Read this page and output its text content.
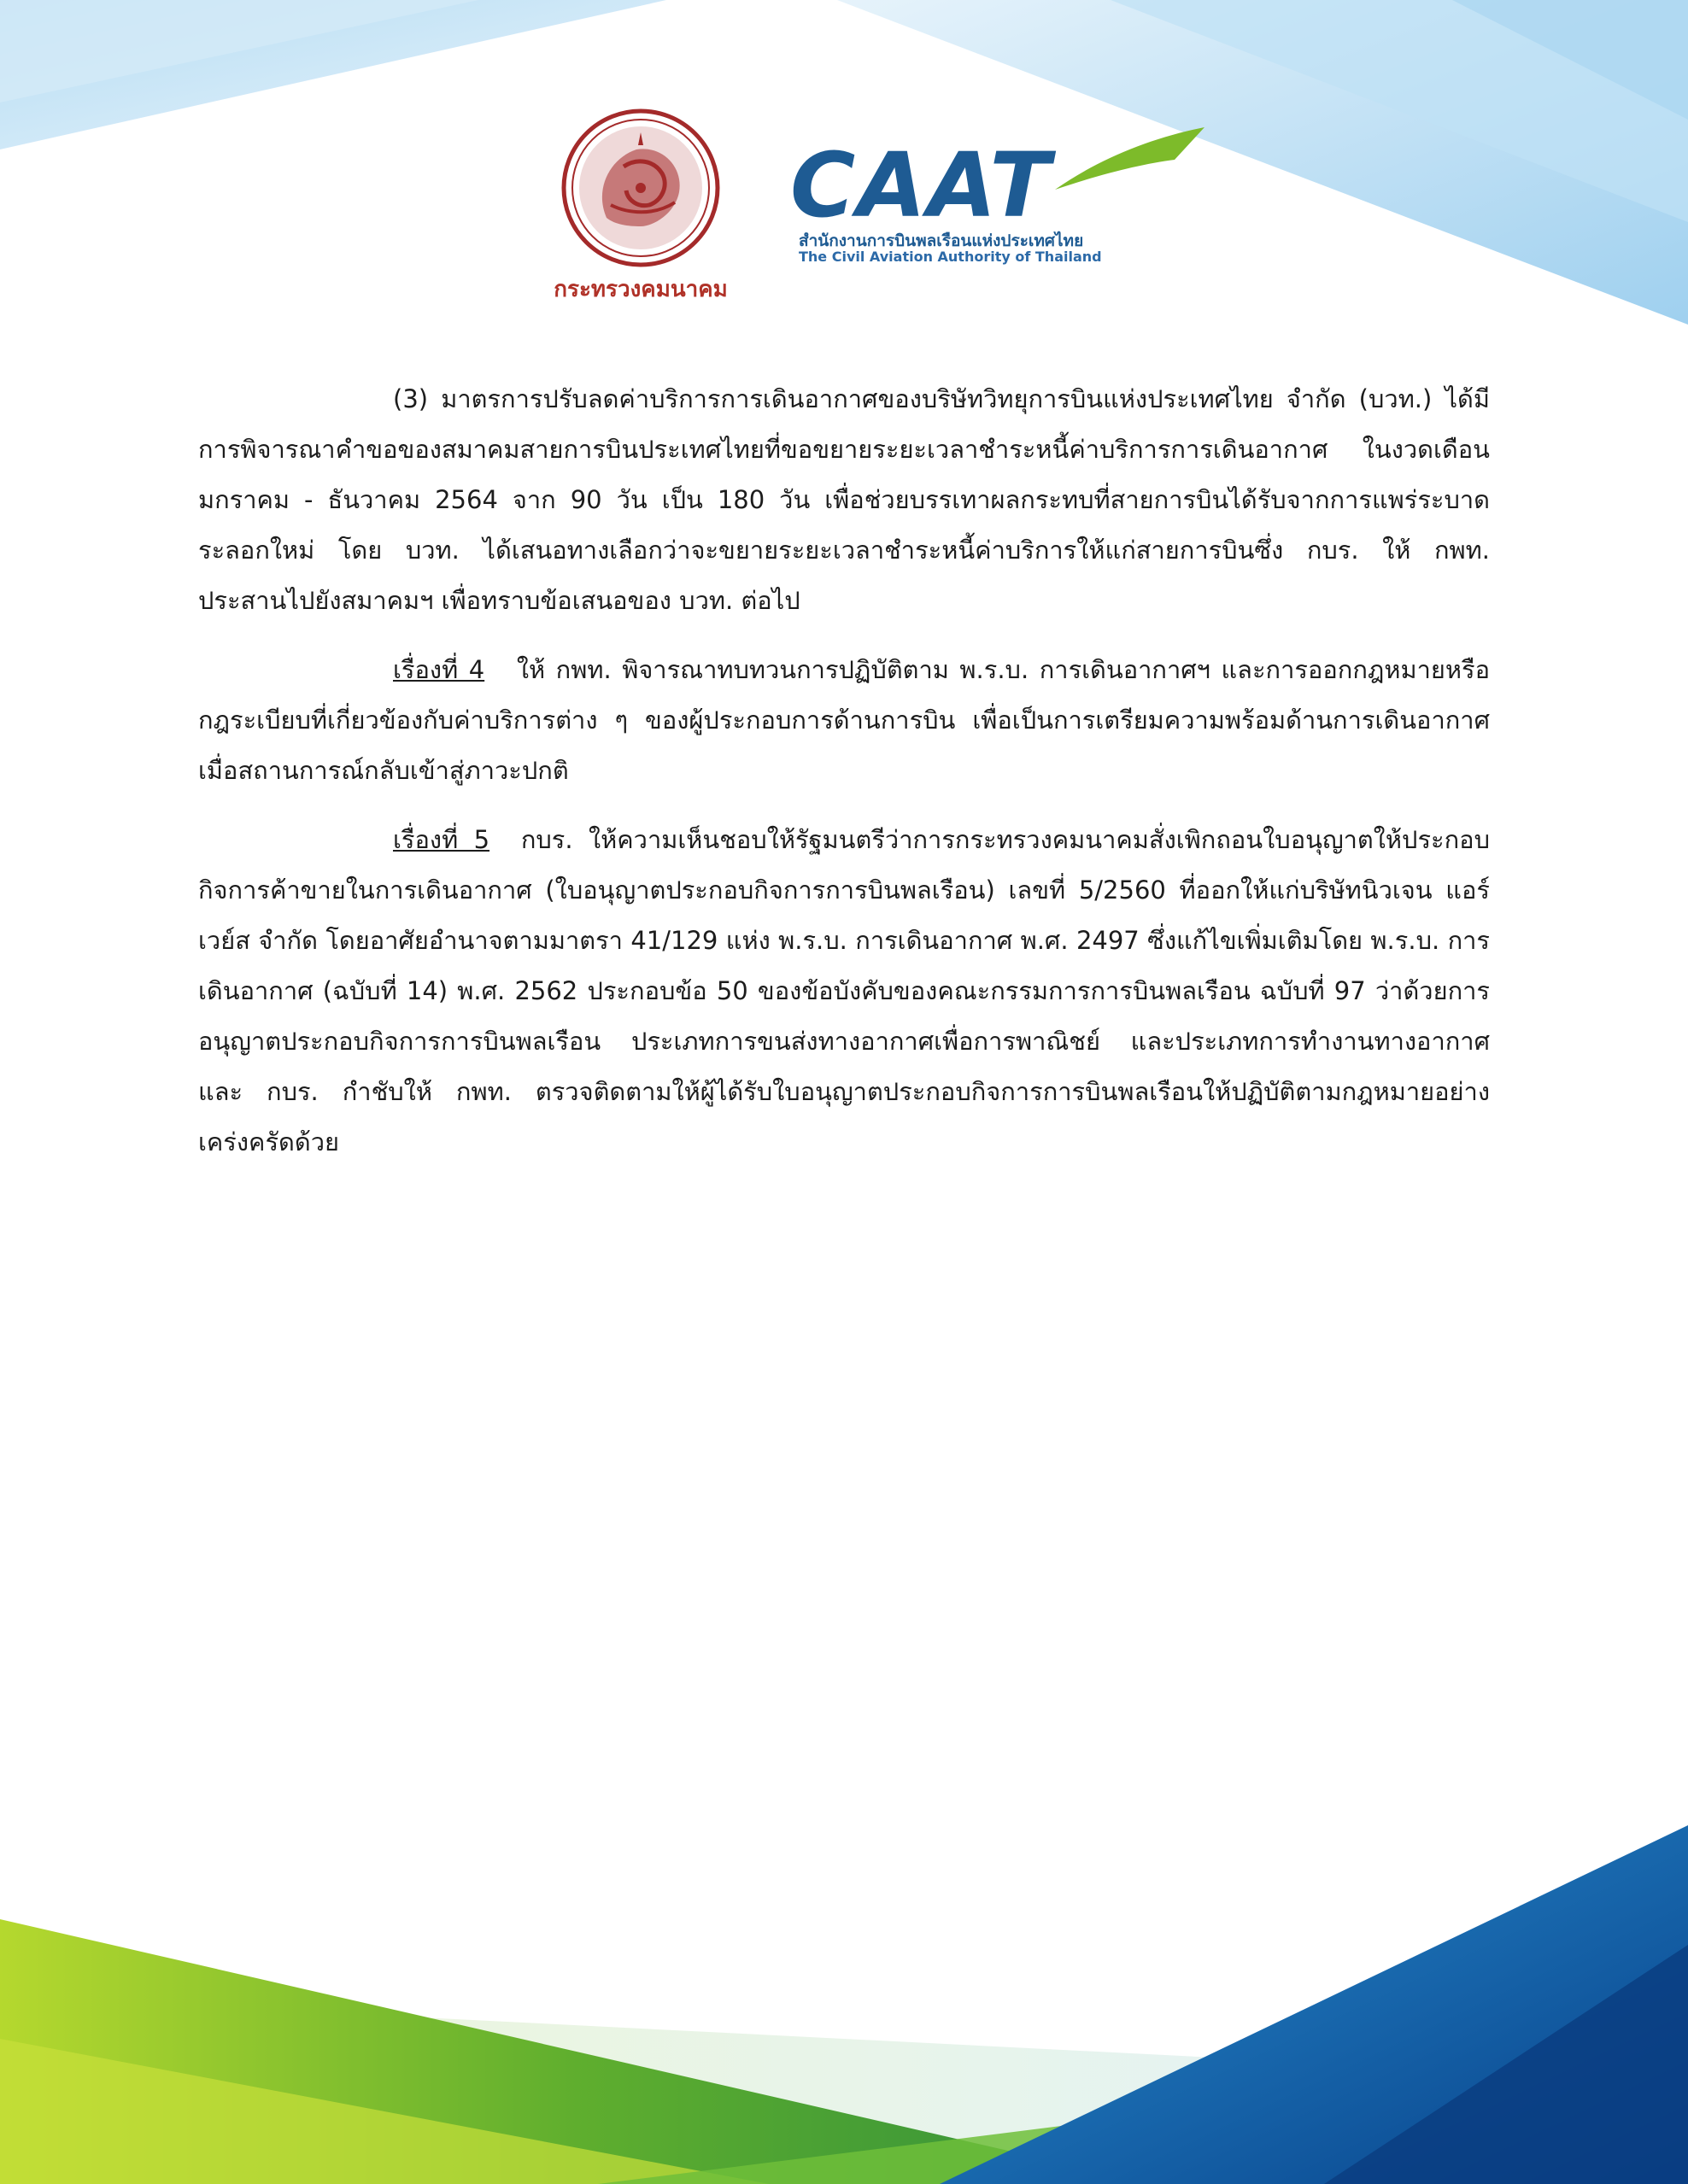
กระทรวงคมนาคม
CAAT
สำนักงานการบินพลเรือนแห่งประเทศไทย
The Civil Aviation Authority of Thailand

(3) มาตรการปรับลดค่าบริการการเดินอากาศของบริษัทวิทยุการบินแห่งประเทศไทย จำกัด (บวท.) ได้มีการพิจารณาคำขอของสมาคมสายการบินประเทศไทยที่ขอขยายระยะเวลาชำระหนี้ค่าบริการการเดินอากาศ ในงวดเดือนมกราคม - ธันวาคม 2564 จาก 90 วัน เป็น 180 วัน เพื่อช่วยบรรเทาผลกระทบที่สายการบินได้รับจากการแพร่ระบาดระลอกใหม่ โดย บวท. ได้เสนอทางเลือกว่าจะขยายระยะเวลาชำระหนี้ค่าบริการให้แก่สายการบินซึ่ง กบร. ให้ กพท. ประสานไปยังสมาคมฯ เพื่อทราบข้อเสนอของ บวท. ต่อไป

เรื่องที่ 4 ให้ กพท. พิจารณาทบทวนการปฏิบัติตาม พ.ร.บ. การเดินอากาศฯ และการออกกฎหมายหรือกฎระเบียบที่เกี่ยวข้องกับค่าบริการต่าง ๆ ของผู้ประกอบการด้านการบิน เพื่อเป็นการเตรียมความพร้อมด้านการเดินอากาศเมื่อสถานการณ์กลับเข้าสู่ภาวะปกติ

เรื่องที่ 5 กบร. ให้ความเห็นชอบให้รัฐมนตรีว่าการกระทรวงคมนาคมสั่งเพิกถอนใบอนุญาตให้ประกอบกิจการค้าขายในการเดินอากาศ (ใบอนุญาตประกอบกิจการการบินพลเรือน) เลขที่ 5/2560 ที่ออกให้แก่บริษัทนิวเจน แอร์เวย์ส จำกัด โดยอาศัยอำนาจตามมาตรา 41/129 แห่ง พ.ร.บ. การเดินอากาศ พ.ศ. 2497 ซึ่งแก้ไขเพิ่มเติมโดย พ.ร.บ. การเดินอากาศ (ฉบับที่ 14) พ.ศ. 2562 ประกอบข้อ 50 ของข้อบังคับของคณะกรรมการการบินพลเรือน ฉบับที่ 97 ว่าด้วยการอนุญาตประกอบกิจการการบินพลเรือน ประเภทการขนส่งทางอากาศเพื่อการพาณิชย์ และประเภทการทำงานทางอากาศ และ กบร. กำชับให้ กพท. ตรวจติดตามให้ผู้ได้รับใบอนุญาตประกอบกิจการการบินพลเรือนให้ปฏิบัติตามกฎหมายอย่างเคร่งครัดด้วย
